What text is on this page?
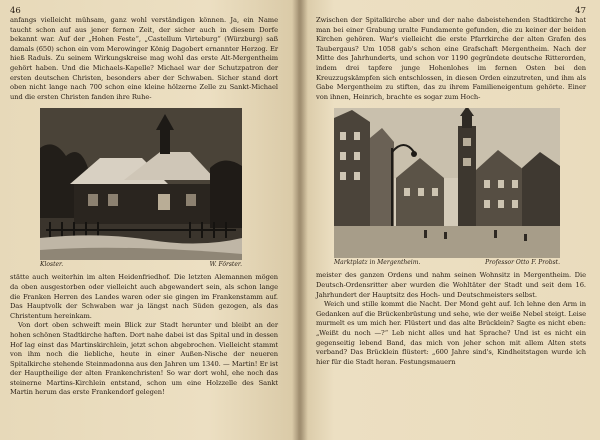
46

anfangs vielleicht mühsam, ganz wohl verständigen können. Ja, ein Name taucht schon auf aus jener fernen Zeit, der sicher auch in diesem Dorfe bekannt war. Auf der „Hohen Feste“, „Castellum Virteburg“ (Würzburg) saß damals (650) schon ein vom Merowinger König Dagobert ernannter Herzog. Er hieß Raduls. Zu seinem Wirkungskreise mag wohl das erste Alt-Mergentheim gehört haben. Und die Michaels-Kapelle? Michael war der Schutzpatron der ersten deutschen Christen, besonders aber der Schwaben. Sicher stand dort oben nicht lange nach 700 schon eine kleine hölzerne Zelle zu Sankt-Michael und die ersten Christen fanden ihre Ruhe-

Kloster.	W. Förster.

stätte auch weiterhin im alten Heidenfriedhof. Die letzten Alemannen mögen da oben ausgestorben oder vielleicht auch abgewandert sein, als schon lange die Franken Herren des Landes waren oder sie gingen im Frankenstamm auf. Das Hauptvolk der Schwaben war ja längst nach Süden gezogen, als das Christentum hereinkam.

Von dort oben schweift mein Blick zur Stadt herunter und bleibt an der hohen schönen Stadtkirche haften. Dort nahe dabei ist das Spital und in dessen Hof lag einst das Martinskirchlein, jetzt schon abgebrochen. Vielleicht stammt von ihm noch die liebliche, heute in einer Außen-Nische der neueren Spitalkirche stehende Steinmadonna aus den Jahren um 1340. — Martin! Er ist der Hauptheilige der alten Frankenchristen! So war dort wohl, ehe noch das steinerne Martins-Kirchlein entstand, schon um eine Holzzelle des Sankt Martin herum das erste Frankendorf gelegen!

47

Zwischen der Spitalkirche aber und der nahe dabeistehenden Stadtkirche hat man bei einer Grabung uralte Fundamente gefunden, die zu keiner der beiden Kirchen gehören. War's vielleicht die erste Pfarrkirche der alten Grafen des Taubergaus? Um 1058 gab's schon eine Grafschaft Mergentheim. Nach der Mitte des Jahrhunderts, und schon vor 1190 gegründete deutsche Ritterorden, indem drei tapfere junge Hohenlohes im fernen Osten bei den Kreuzzugskämpfen sich entschlossen, in diesen Orden einzutreten, und ihm als Gabe Mergentheim zu stiften, das zu ihrem Familieneigentum gehörte. Einer von ihnen, Heinrich, brachte es sogar zum Hoch-

Marktplatz in Mergentheim.	Professor Otto F. Probst.

meister des ganzen Ordens und nahm seinen Wohnsitz in Mergentheim. Die Deutsch-Ordensritter aber wurden die Wohltäter der Stadt und seit dem 16. Jahrhundert der Hauptsitz des Hoch- und Deutschmeisters selbst.

Weich und stille kommt die Nacht. Der Mond geht auf. Ich lehne den Arm in Gedanken auf die Brückenbrüstung und sehe, wie der weiße Nebel steigt. Leise murmelt es um mich her. Flüstert und das alte Brücklein? Sagte es nicht eben: „Weißt du noch —?“ Leb nicht alles und hat Sprache? Und ist es nicht ein gegenseitig lebend Band, das mich von jeher schon mit allem Alten stets verband? Das Brücklein flüstert: „600 Jahre sind's, Kindheitstagen wurde ich hier für die Stadt heran. Festungsmauern
